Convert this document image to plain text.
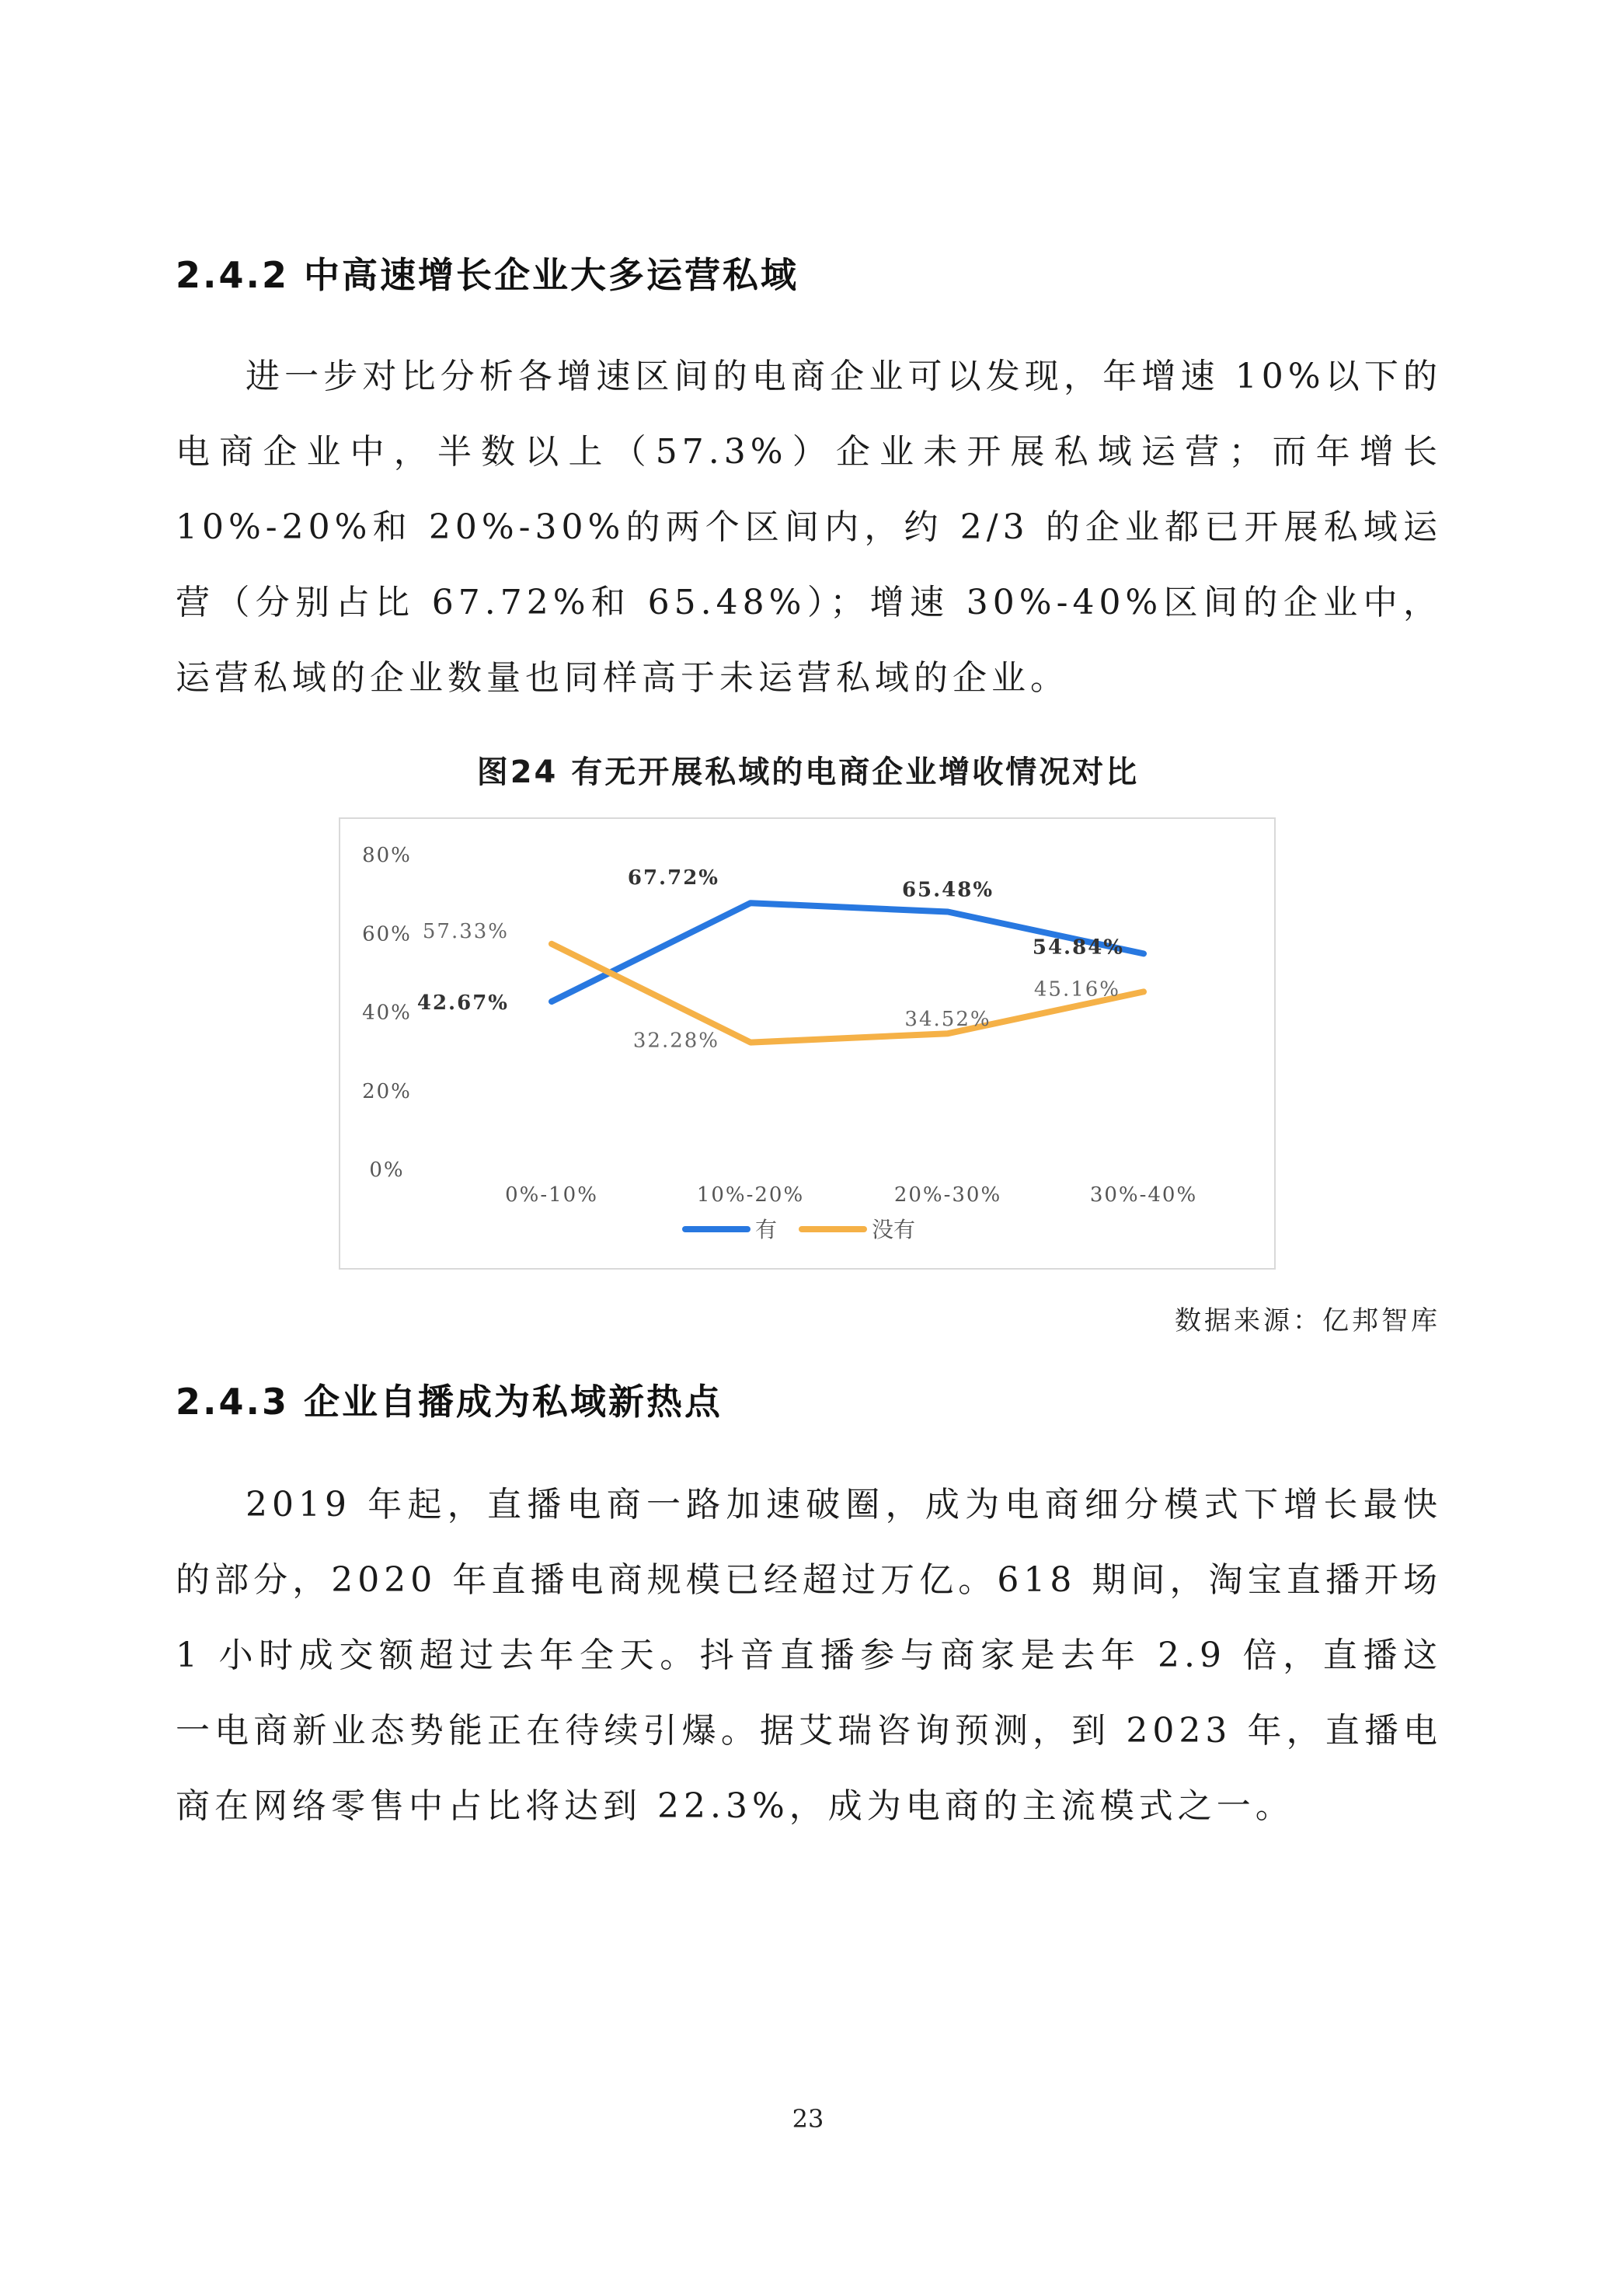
2.4.2 中高速增长企业大多运营私域

进一步对比分析各增速区间的电商企业可以发现，年增速 10%以下的电商企业中，半数以上（57.3%）企业未开展私域运营；而年增长 10%-20%和 20%-30%的两个区间内，约 2/3 的企业都已开展私域运营（分别占比 67.72%和 65.48%）；增速 30%-40%区间的企业中，运营私域的企业数量也同样高于未运营私域的企业。

图24 有无开展私域的电商企业增收情况对比
0%
20%
40%
60%
80%
0%-10%	10%-20%	20%-30%	30%-40%
42.67%
67.72%
65.48%
54.84%
57.33%
32.28%
34.52%
45.16%
有	没有
数据来源：亿邦智库
2.4.3 企业自播成为私域新热点

2019 年起，直播电商一路加速破圈，成为电商细分模式下增长最快的部分，2020 年直播电商规模已经超过万亿。618 期间，淘宝直播开场 1 小时成交额超过去年全天。抖音直播参与商家是去年 2.9 倍，直播这一电商新业态势能正在待续引爆。据艾瑞咨询预测，到 2023 年，直播电商在网络零售中占比将达到 22.3%，成为电商的主流模式之一。

23
